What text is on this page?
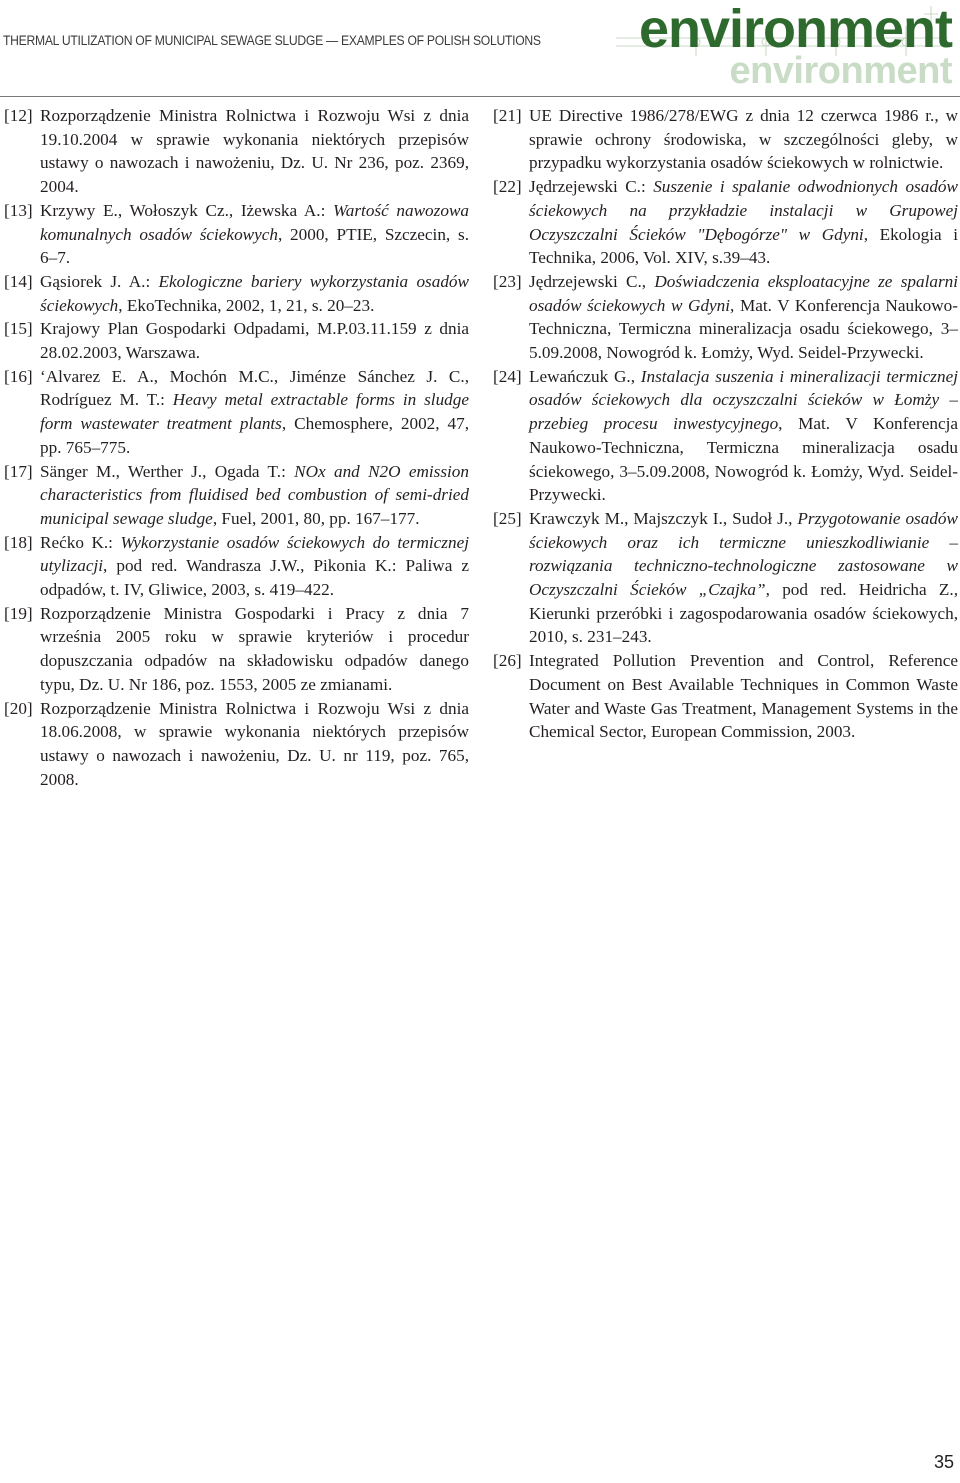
THERMAL UTILIZATION OF MUNICIPAL SEWAGE SLUDGE — EXAMPLES OF POLISH SOLUTIONS
environment
environment

[12] Rozporządzenie Ministra Rolnictwa i Rozwoju Wsi z dnia 19.10.2004 w sprawie wykonania niektórych przepisów ustawy o nawozach i nawożeniu, Dz. U. Nr 236, poz. 2369, 2004.

[13] Krzywy E., Wołoszyk Cz., Iżewska A.: Wartość nawozowa komunalnych osadów ściekowych, 2000, PTIE, Szczecin, s. 6–7.

[14] Gąsiorek J. A.: Ekologiczne bariery wykorzystania osadów ściekowych, EkoTechnika, 2002, 1, 21, s. 20–23.

[15] Krajowy Plan Gospodarki Odpadami, M.P.03.11.159 z dnia 28.02.2003, Warszawa.

[16] ‘Alvarez E. A., Mochón M.C., Jiménze Sánchez J. C., Rodríguez M. T.: Heavy metal extractable forms in sludge form wastewater treatment plants, Chemosphere, 2002, 47, pp. 765–775.

[17] Sänger M., Werther J., Ogada T.: NOx and N2O emission characteristics from fluidised bed combustion of semi-dried municipal sewage sludge, Fuel, 2001, 80, pp. 167–177.

[18] Rećko K.: Wykorzystanie osadów ściekowych do termicznej utylizacji, pod red. Wandrasza J.W., Pikonia K.: Paliwa z odpadów, t. IV, Gliwice, 2003, s. 419–422.

[19] Rozporządzenie Ministra Gospodarki i Pracy z dnia 7 września 2005 roku w sprawie kryteriów i procedur dopuszczania odpadów na składowisku odpadów danego typu, Dz. U. Nr 186, poz. 1553, 2005 ze zmianami.

[20] Rozporządzenie Ministra Rolnictwa i Rozwoju Wsi z dnia 18.06.2008, w sprawie wykonania niektórych przepisów ustawy o nawozach i nawożeniu, Dz. U. nr 119, poz. 765, 2008.

[21] UE Directive 1986/278/EWG z dnia 12 czerwca 1986 r., w sprawie ochrony środowiska, w szczególności gleby, w przypadku wykorzystania osadów ściekowych w rolnictwie.

[22] Jędrzejewski C.: Suszenie i spalanie odwodnionych osadów ściekowych na przykładzie instalacji w Grupowej Oczyszczalni Ścieków "Dębogórze" w Gdyni, Ekologia i Technika, 2006, Vol. XIV, s.39–43.

[23] Jędrzejewski C., Doświadczenia eksploatacyjne ze spalarni osadów ściekowych w Gdyni, Mat. V Konferencja Naukowo-Techniczna, Termiczna mineralizacja osadu ściekowego, 3–5.09.2008, Nowogród k. Łomży, Wyd. Seidel-Przywecki.

[24] Lewańczuk G., Instalacja suszenia i mineralizacji termicznej osadów ściekowych dla oczyszczalni ścieków w Łomży – przebieg procesu inwestycyjnego, Mat. V Konferencja Naukowo-Techniczna, Termiczna mineralizacja osadu ściekowego, 3–5.09.2008, Nowogród k. Łomży, Wyd. Seidel-Przywecki.

[25] Krawczyk M., Majszczyk I., Sudoł J., Przygotowanie osadów ściekowych oraz ich termiczne unieszkodliwianie – rozwiązania techniczno-technologiczne zastosowane w Oczyszczalni Ścieków „Czajka”, pod red. Heidricha Z., Kierunki przeróbki i zagospodarowania osadów ściekowych, 2010, s. 231–243.

[26] Integrated Pollution Prevention and Control, Reference Document on Best Available Techniques in Common Waste Water and Waste Gas Treatment, Management Systems in the Chemical Sector, European Commission, 2003.

35
